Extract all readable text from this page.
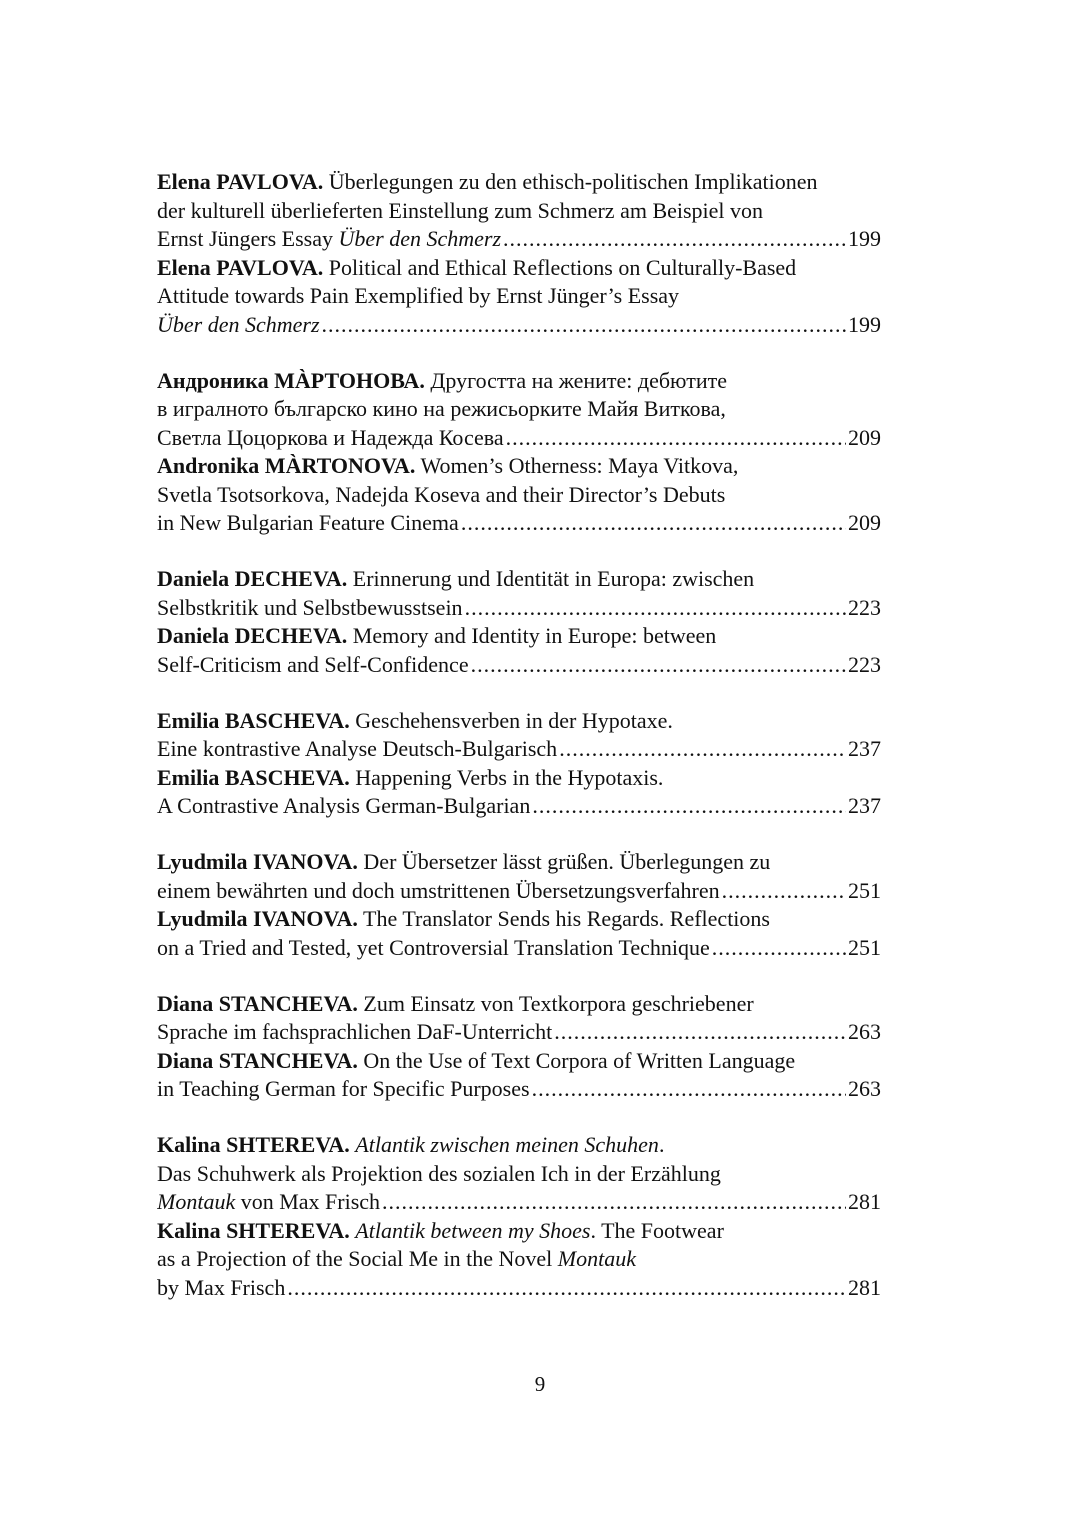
Elena PAVLOVA. Überlegungen zu den ethisch-politischen Implikationen
der kulturell überlieferten Einstellung zum Schmerz am Beispiel von
Ernst Jüngers Essay Über den Schmerz .....	199
Elena PAVLOVA. Political and Ethical Reflections on Culturally-Based
Attitude towards Pain Exemplified by Ernst Jünger’s Essay
Über den Schmerz .....	199
Андроника МÀРТОНОВА. Другостта на жените: дебютите
в игралното българско кино на режисьорките Майя Виткова,
Светла Цоцоркова и Надежда Косева .....	209
Andronika MÀRTONOVA. Women’s Otherness: Maya Vitkova,
Svetla Tsotsorkova, Nadejda Koseva and their Director’s Debuts
in New Bulgarian Feature Cinema .....	209
Daniela DECHEVA. Erinnerung und Identität in Europa: zwischen
Selbstkritik und Selbstbewusstsein .....	223
Daniela DECHEVA. Memory and Identity in Europe: between
Self-Criticism and Self-Confidence .....	223
Emilia BASCHEVA. Geschehensverben in der Hypotaxe.
Eine kontrastive Analyse Deutsch-Bulgarisch .....	237
Emilia BASCHEVA. Happening Verbs in the Hypotaxis.
A Contrastive Analysis German-Bulgarian .....	237
Lyudmila IVANOVA. Der Übersetzer lässt grüßen. Überlegungen zu
einem bewährten und doch umstrittenen Übersetzungsverfahren .....	251
Lyudmila IVANOVA. The Translator Sends his Regards. Reflections
on a Tried and Tested, yet Controversial Translation Technique .....	251
Diana STANCHEVA. Zum Einsatz von Textkorpora geschriebener
Sprache im fachsprachlichen DaF-Unterricht .....	263
Diana STANCHEVA. On the Use of Text Corpora of Written Language
in Teaching German for Specific Purposes .....	263
Kalina SHTEREVA. Atlantik zwischen meinen Schuhen.
Das Schuhwerk als Projektion des sozialen Ich in der Erzählung
Montauk von Max Frisch .....	281
Kalina SHTEREVA. Atlantik between my Shoes. The Footwear
as a Projection of the Social Me in the Novel Montauk
by Max Frisch .....	281
9
